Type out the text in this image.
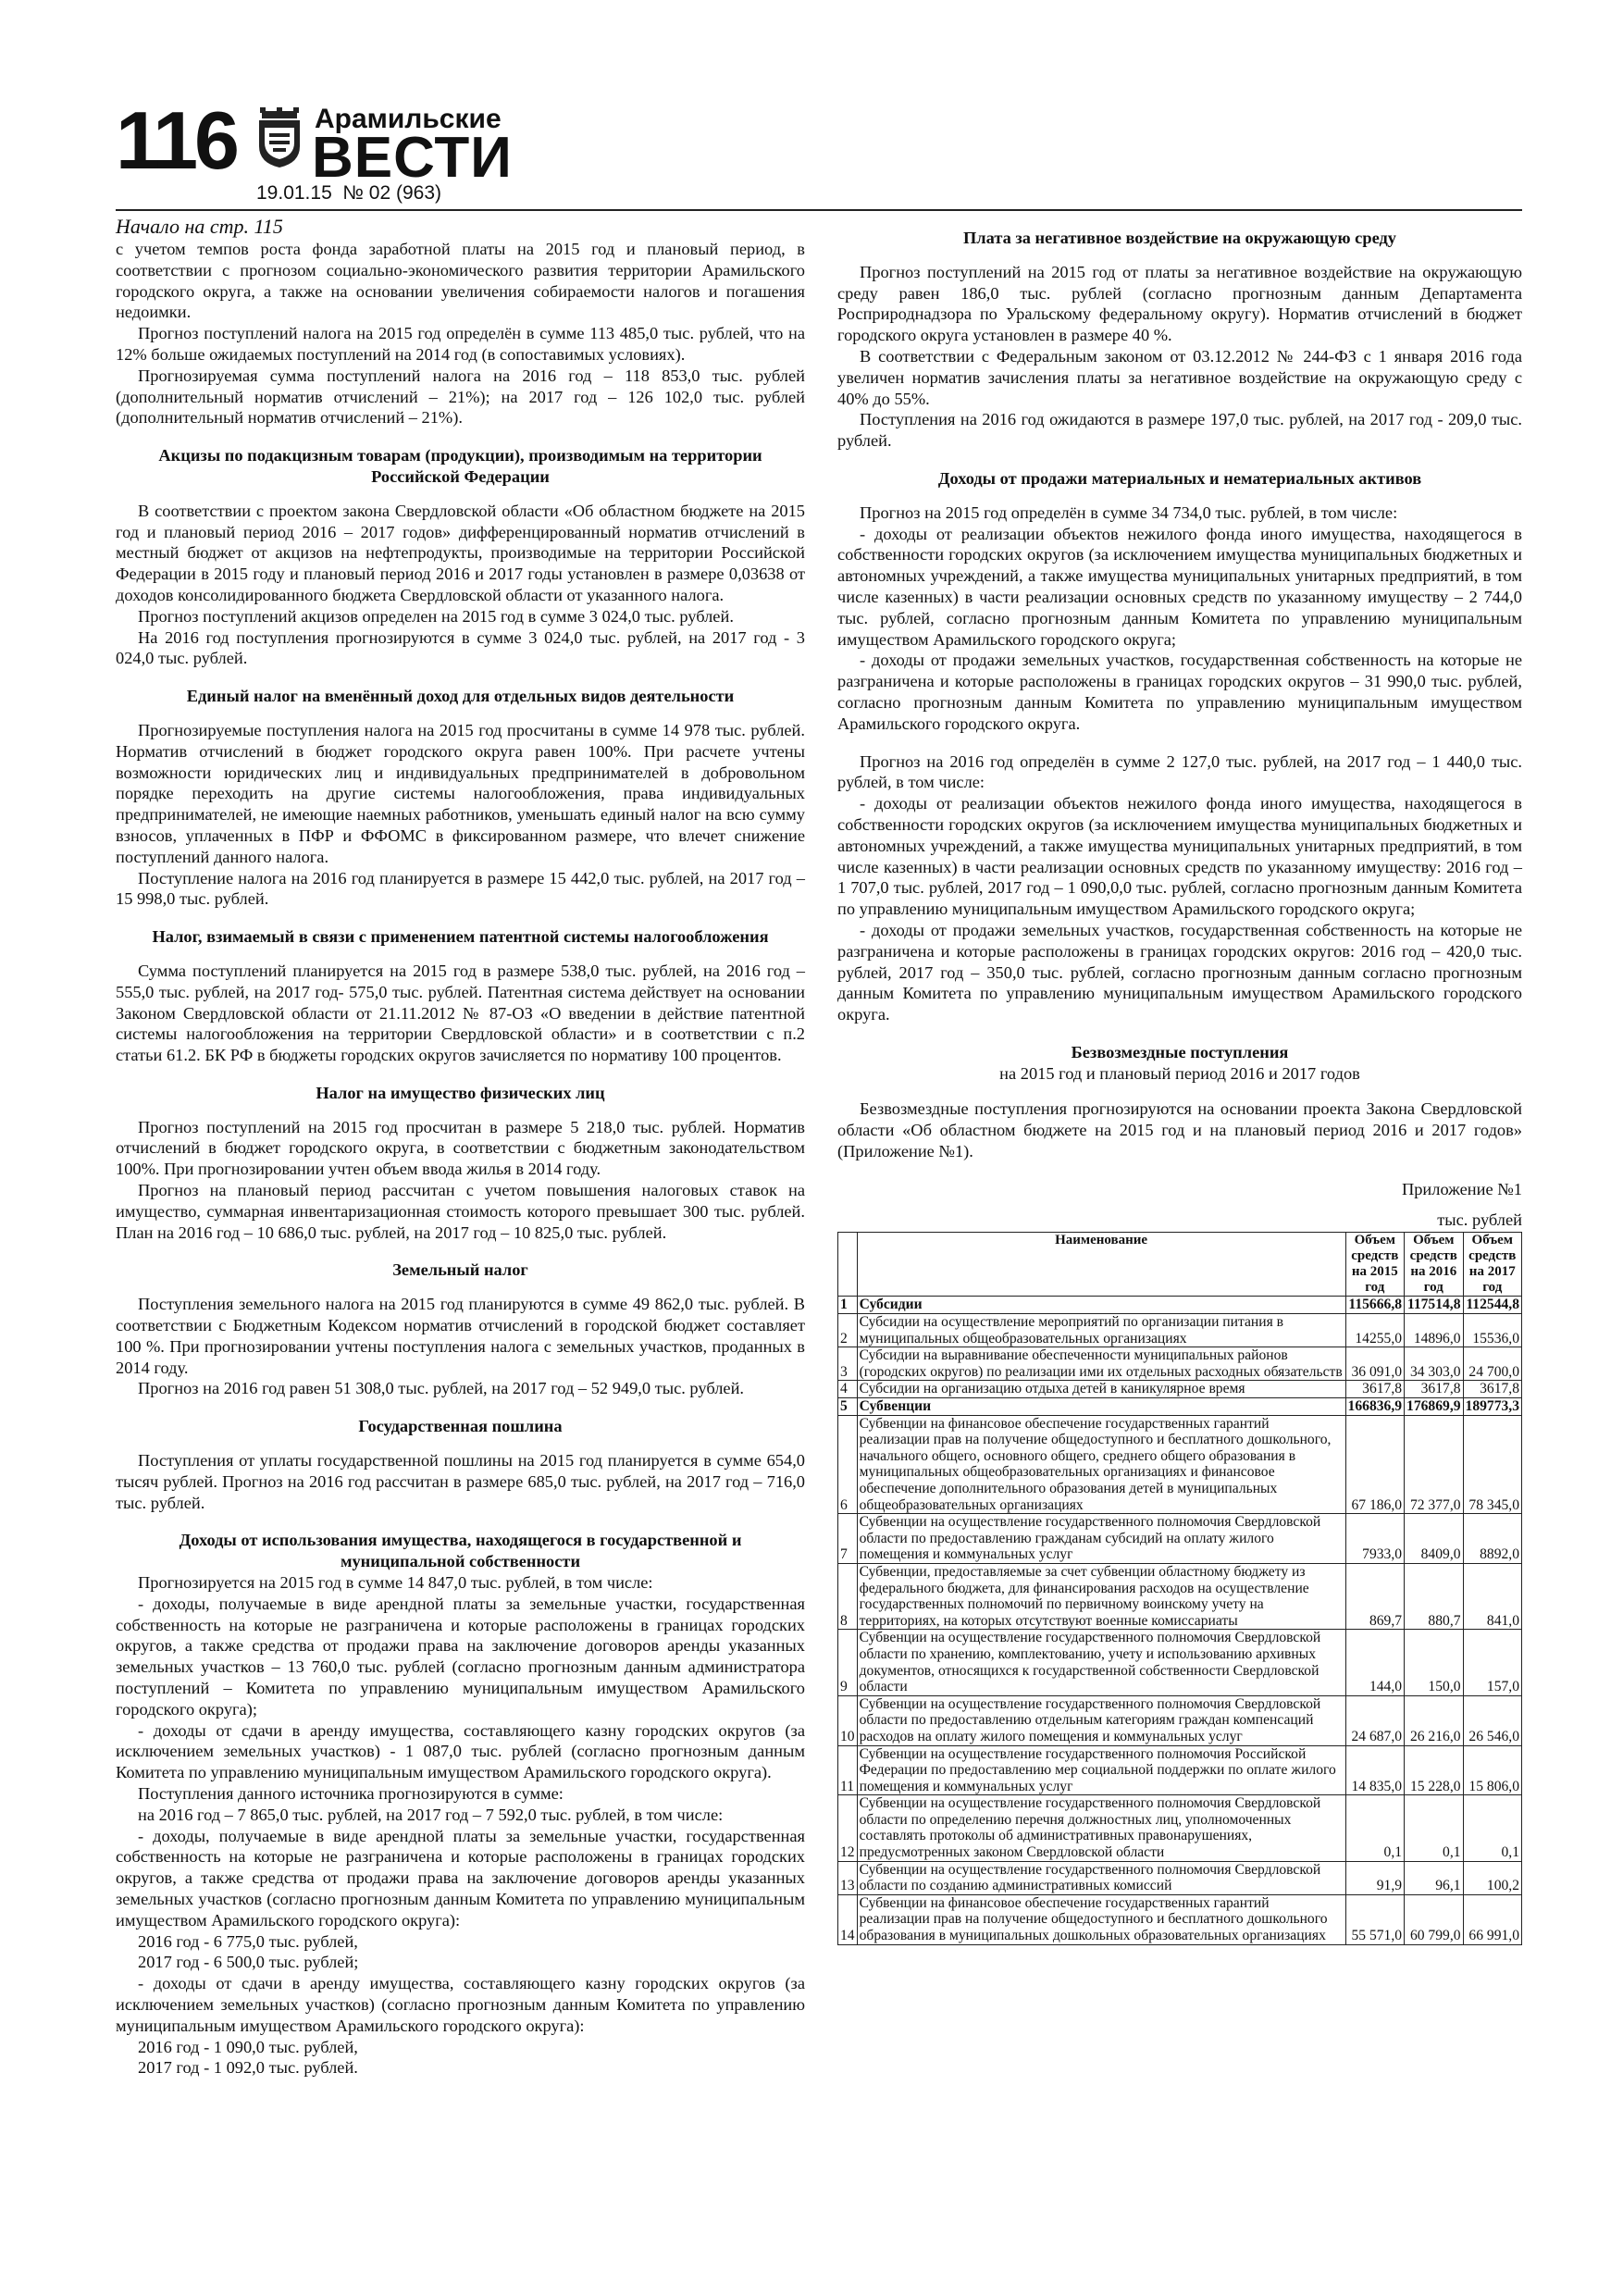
116	Арамильские
ВЕСТИ
19.01.15  № 02 (963)

Начало на стр. 115

с учетом темпов роста фонда заработной платы на 2015 год и плановый период, в соответствии с прогнозом социально-экономического развития территории Арамильского городского округа, а также на основании увеличения собираемости налогов и погашения недоимки.

Прогноз поступлений налога на 2015 год определён в сумме 113 485,0 тыс. рублей, что на 12% больше ожидаемых поступлений на 2014 год (в сопоставимых условиях).

Прогнозируемая сумма поступлений налога на 2016 год – 118 853,0 тыс. рублей (дополнительный норматив отчислений – 21%); на 2017 год – 126 102,0 тыс. рублей (дополнительный норматив отчислений – 21%).

Акцизы по подакцизным товарам (продукции), производимым на территории Российской Федерации

В соответствии с проектом закона Свердловской области «Об областном бюджете на 2015 год и плановый период 2016 – 2017 годов» дифференцированный норматив отчислений в местный бюджет от акцизов на нефтепродукты, производимые на территории Российской Федерации в 2015 году и плановый период 2016 и 2017 годы установлен в размере 0,03638 от доходов консолидированного бюджета Свердловской области от указанного налога.

Прогноз поступлений акцизов определен на 2015 год в сумме 3 024,0 тыс. рублей.

На 2016 год поступления прогнозируются в сумме 3 024,0 тыс. рублей, на 2017 год - 3 024,0 тыс. рублей.

Единый налог на вменённый доход для отдельных видов деятельности

Прогнозируемые поступления налога на 2015 год просчитаны в сумме 14 978 тыс. рублей. Норматив отчислений в бюджет городского округа равен 100%. При расчете учтены возможности юридических лиц и индивидуальных предпринимателей в добровольном порядке переходить на другие системы налогообложения, права индивидуальных предпринимателей, не имеющие наемных работников, уменьшать единый налог на всю сумму взносов, уплаченных в ПФР и ФФОМС в фиксированном размере, что влечет снижение поступлений данного налога.

Поступление налога на 2016 год планируется в размере 15 442,0 тыс. рублей, на 2017 год – 15 998,0 тыс. рублей.

Налог, взимаемый в связи с применением патентной системы налогообложения

Сумма поступлений планируется на 2015 год в размере 538,0 тыс. рублей, на 2016 год – 555,0 тыс. рублей, на 2017 год- 575,0 тыс. рублей. Патентная система действует на основании Законом Свердловской области от 21.11.2012 № 87-ОЗ «О введении в действие патентной системы налогообложения на территории Свердловской области» и в соответствии с п.2 статьи 61.2. БК РФ в бюджеты городских округов зачисляется по нормативу 100 процентов.

Налог на имущество физических лиц

Прогноз поступлений на 2015 год просчитан в размере 5 218,0 тыс. рублей. Норматив отчислений в бюджет городского округа, в соответствии с бюджетным законодательством 100%. При прогнозировании учтен объем ввода жилья в 2014 году.

Прогноз на плановый период рассчитан с учетом повышения налоговых ставок на имущество, суммарная инвентаризационная стоимость которого превышает 300 тыс. рублей. План на 2016 год – 10 686,0 тыс. рублей, на 2017 год – 10 825,0 тыс. рублей.

Земельный налог

Поступления земельного налога на 2015 год планируются в сумме 49 862,0 тыс. рублей. В соответствии с Бюджетным Кодексом норматив отчислений в городской бюджет составляет 100 %. При прогнозировании учтены поступления налога с земельных участков, проданных в 2014 году.

Прогноз на 2016 год равен 51 308,0 тыс. рублей, на 2017 год – 52 949,0 тыс. рублей.

Государственная пошлина

Поступления от уплаты государственной пошлины на 2015 год планируется в сумме 654,0 тысяч рублей. Прогноз на 2016 год рассчитан в размере 685,0 тыс. рублей, на 2017 год – 716,0 тыс. рублей.

Доходы от использования имущества, находящегося в государственной и муниципальной собственности

Прогнозируется на 2015 год в сумме 14 847,0 тыс. рублей, в том числе:

- доходы, получаемые в виде арендной платы за земельные участки, государственная собственность на которые не разграничена и которые расположены в границах городских округов, а также средства от продажи права на заключение договоров аренды указанных земельных участков – 13 760,0 тыс. рублей (согласно прогнозным данным администратора поступлений – Комитета по управлению муниципальным имуществом Арамильского городского округа);

- доходы от сдачи в аренду имущества, составляющего казну городских округов (за исключением земельных участков) - 1 087,0 тыс. рублей (согласно прогнозным данным Комитета по управлению муниципальным имуществом Арамильского городского округа).

Поступления данного источника прогнозируются в сумме:

на 2016 год – 7 865,0 тыс. рублей, на 2017 год – 7 592,0 тыс. рублей, в том числе:

- доходы, получаемые в виде арендной платы за земельные участки, государственная собственность на которые не разграничена и которые расположены в границах городских округов, а также средства от продажи права на заключение договоров аренды указанных земельных участков (согласно прогнозным данным Комитета по управлению муниципальным имуществом Арамильского городского округа):

2016 год - 6 775,0 тыс. рублей,

2017 год - 6 500,0 тыс. рублей;

- доходы от сдачи в аренду имущества, составляющего казну городских округов (за исключением земельных участков) (согласно прогнозным данным Комитета по управлению муниципальным имуществом Арамильского городского округа):

2016 год - 1 090,0 тыс. рублей,

2017 год - 1 092,0 тыс. рублей.

Плата за негативное воздействие на окружающую среду

Прогноз поступлений на 2015 год от платы за негативное воздействие на окружающую среду равен 186,0 тыс. рублей (согласно прогнозным данным Департамента Росприроднадзора по Уральскому федеральному округу). Норматив отчислений в бюджет городского округа установлен в размере 40 %.

В соответствии с Федеральным законом от 03.12.2012 № 244-ФЗ с 1 января 2016 года увеличен норматив зачисления платы за негативное воздействие на окружающую среду с 40% до 55%.

Поступления на 2016 год ожидаются в размере 197,0 тыс. рублей, на 2017 год - 209,0 тыс. рублей.

Доходы от продажи материальных и нематериальных активов

Прогноз на 2015 год определён в сумме 34 734,0 тыс. рублей, в том числе:

- доходы от реализации объектов нежилого фонда иного имущества, находящегося в собственности городских округов (за исключением имущества муниципальных бюджетных и автономных учреждений, а также имущества муниципальных унитарных предприятий, в том числе казенных) в части реализации основных средств по указанному имуществу – 2 744,0 тыс. рублей, согласно прогнозным данным Комитета по управлению муниципальным имуществом Арамильского городского округа;

- доходы от продажи земельных участков, государственная собственность на которые не разграничена и которые расположены в границах городских округов – 31 990,0 тыс. рублей, согласно прогнозным данным Комитета по управлению муниципальным имуществом Арамильского городского округа.

Прогноз на 2016 год определён в сумме 2 127,0 тыс. рублей, на 2017 год – 1 440,0 тыс. рублей, в том числе:

- доходы от реализации объектов нежилого фонда иного имущества, находящегося в собственности городских округов (за исключением имущества муниципальных бюджетных и автономных учреждений, а также имущества муниципальных унитарных предприятий, в том числе казенных) в части реализации основных средств по указанному имуществу: 2016 год – 1 707,0 тыс. рублей, 2017 год – 1 090,0,0 тыс. рублей, согласно прогнозным данным Комитета по управлению муниципальным имуществом Арамильского городского округа;

- доходы от продажи земельных участков, государственная собственность на которые не разграничена и которые расположены в границах городских округов: 2016 год – 420,0 тыс. рублей, 2017 год – 350,0 тыс. рублей, согласно прогнозным данным согласно прогнозным данным Комитета по управлению муниципальным имуществом Арамильского городского округа.

Безвозмездные поступления
на 2015 год и плановый период 2016 и 2017 годов

Безвозмездные поступления прогнозируются на основании проекта Закона Свердловской области «Об областном бюджете на 2015 год и на плановый период 2016 и 2017 годов» (Приложение №1).

Приложение №1

тыс. рублей

	Наименование	Объем средств на 2015 год	Объем средств на 2016 год	Объем средств на 2017 год
1	Субсидии	115666,8	117514,8	112544,8
2	Субсидии на осуществление мероприятий по организации питания в муниципальных общеобразовательных организациях	14255,0	14896,0	15536,0
3	Субсидии на выравнивание обеспеченности муниципальных районов (городских округов) по реализации ими их отдельных расходных обязательств	36 091,0	34 303,0	24 700,0
4	Субсидии на организацию отдыха детей в каникулярное время	3617,8	3617,8	3617,8
5	Субвенции	166836,9	176869,9	189773,3
6	Субвенции на финансовое обеспечение государственных гарантий реализации прав на получение общедоступного и бесплатного дошкольного, начального общего, основного общего, среднего общего образования в муниципальных общеобразовательных организациях и финансовое обеспечение дополнительного образования детей в муниципальных общеобразовательных организациях	67 186,0	72 377,0	78 345,0
7	Субвенции на осуществление государственного полномочия Свердловской области по предоставлению гражданам субсидий на оплату жилого помещения и коммунальных услуг	7933,0	8409,0	8892,0
8	Субвенции, предоставляемые за счет субвенции областному бюджету из федерального бюджета, для финансирования расходов на осуществление государственных полномочий по первичному воинскому учету на территориях, на которых отсутствуют военные комиссариаты	869,7	880,7	841,0
9	Субвенции на осуществление государственного полномочия Свердловской области по хранению, комплектованию, учету и использованию архивных документов, относящихся к государственной собственности Свердловской области	144,0	150,0	157,0
10	Субвенции на осуществление государственного полномочия Свердловской области по предоставлению отдельным категориям граждан компенсаций расходов на оплату жилого помещения и коммунальных услуг	24 687,0	26 216,0	26 546,0
11	Субвенции на осуществление государственного полномочия Российской Федерации по предоставлению мер социальной поддержки по оплате жилого помещения и коммунальных услуг	14 835,0	15 228,0	15 806,0
12	Субвенции на осуществление государственного полномочия Свердловской области по определению перечня должностных лиц, уполномоченных составлять протоколы об административных правонарушениях, предусмотренных законом Свердловской области	0,1	0,1	0,1
13	Субвенции на осуществление государственного полномочия Свердловской области по созданию административных комиссий	91,9	96,1	100,2
14	Субвенции на финансовое обеспечение государственных гарантий реализации прав на получение общедоступного и бесплатного дошкольного образования в муниципальных дошкольных образовательных организациях	55 571,0	60 799,0	66 991,0
